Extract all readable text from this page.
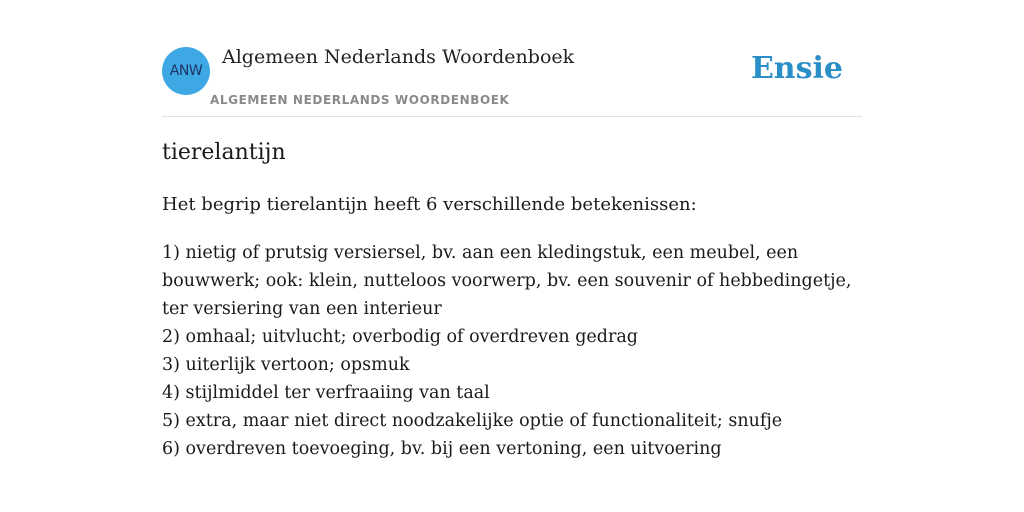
ANW
Algemeen Nederlands Woordenboek
ALGEMEEN NEDERLANDS WOORDENBOEK
Ensie
tierelantijn

Het begrip tierelantijn heeft 6 verschillende betekenissen:

1) nietig of prutsig versiersel, bv. aan een kledingstuk, een meubel, een bouwwerk; ook: klein, nutteloos voorwerp, bv. een souvenir of hebbedingetje, ter versiering van een interieur
2) omhaal; uitvlucht; overbodig of overdreven gedrag
3) uiterlijk vertoon; opsmuk
4) stijlmiddel ter verfraaiing van taal
5) extra, maar niet direct noodzakelijke optie of functionaliteit; snufje
6) overdreven toevoeging, bv. bij een vertoning, een uitvoering
